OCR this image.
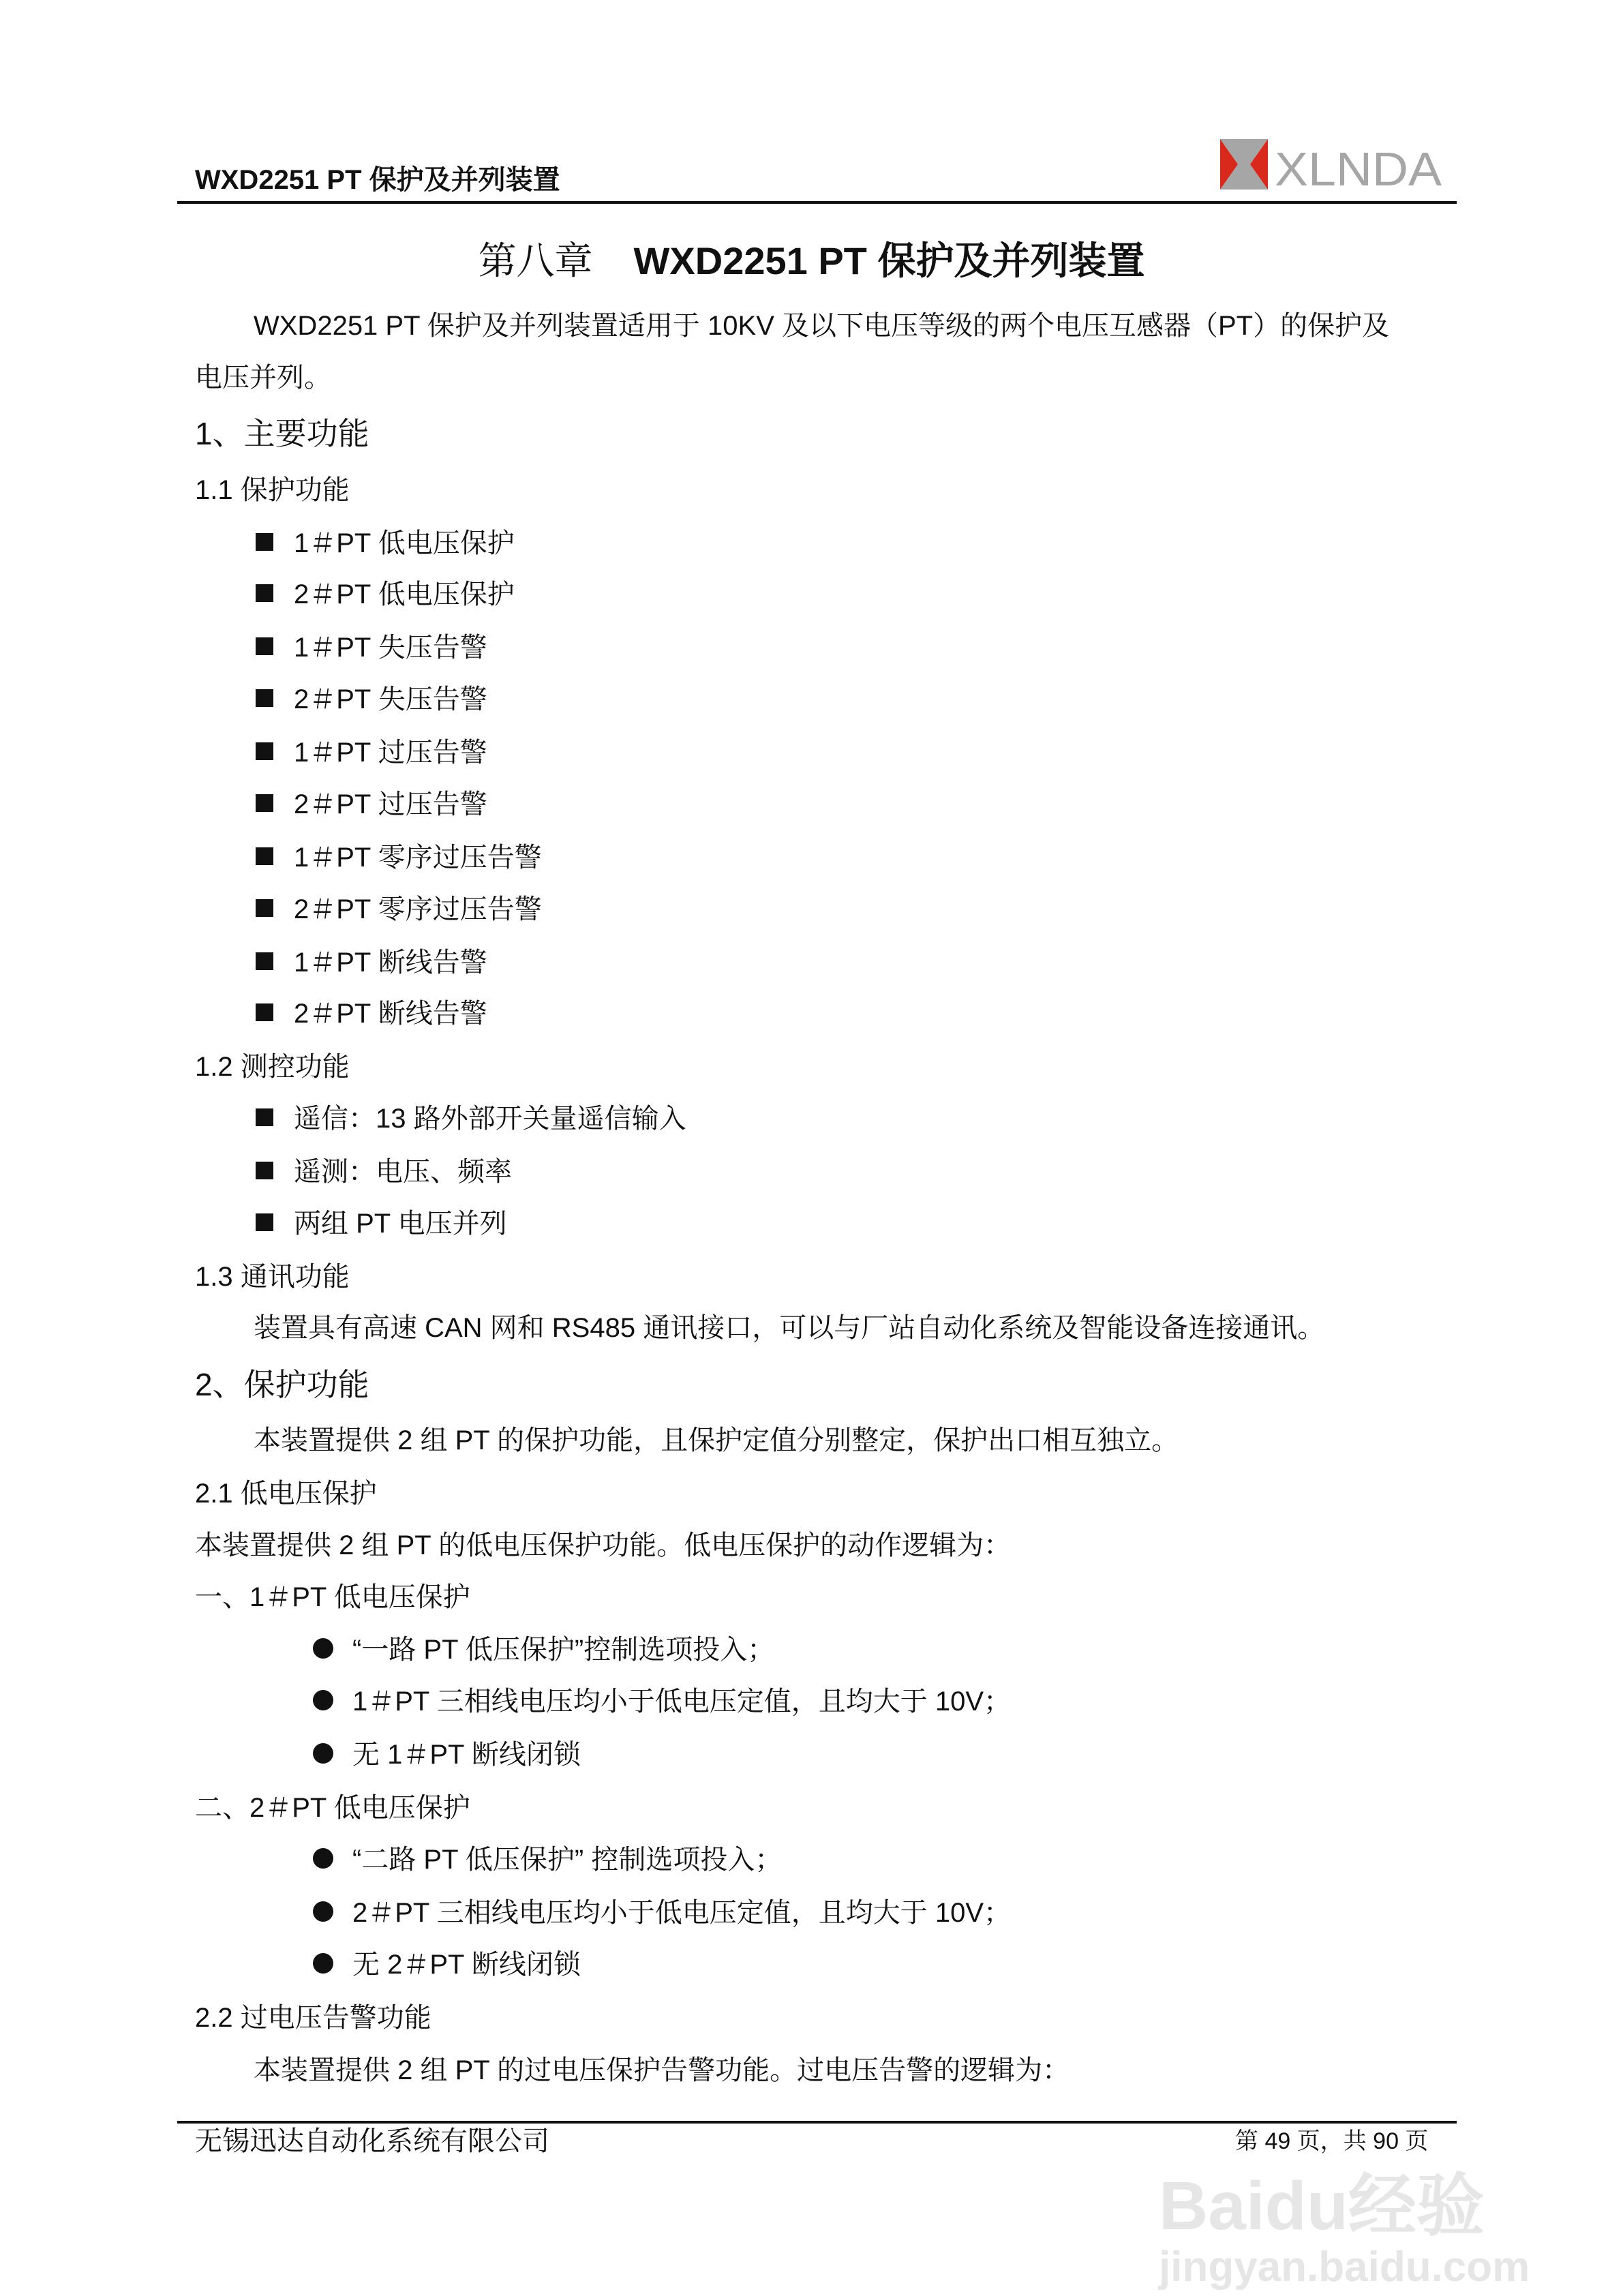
WXD2251 PT 保护及并列装置	XLNDA
第八章 WXD2251 PT 保护及并列装置
WXD2251 PT 保护及并列装置适用于 10KV 及以下电压等级的两个电压互感器（PT）的保护及
电压并列。
1、主要功能
1.1 保护功能
1＃PT 低电压保护
2＃PT 低电压保护
1＃PT 失压告警
2＃PT 失压告警
1＃PT 过压告警
2＃PT 过压告警
1＃PT 零序过压告警
2＃PT 零序过压告警
1＃PT 断线告警
2＃PT 断线告警
1.2 测控功能
遥信：13 路外部开关量遥信输入
遥测：电压、频率
两组 PT 电压并列
1.3 通讯功能
装置具有高速 CAN 网和 RS485 通讯接口，可以与厂站自动化系统及智能设备连接通讯。
2、保护功能
本装置提供 2 组 PT 的保护功能，且保护定值分别整定，保护出口相互独立。
2.1 低电压保护
本装置提供 2 组 PT 的低电压保护功能。低电压保护的动作逻辑为：
一、1＃PT 低电压保护
“一路 PT 低压保护”控制选项投入；
1＃PT 三相线电压均小于低电压定值，且均大于 10V；
无 1＃PT 断线闭锁
二、2＃PT 低电压保护
“二路 PT 低压保护” 控制选项投入；
2＃PT 三相线电压均小于低电压定值，且均大于 10V；
无 2＃PT 断线闭锁
2.2 过电压告警功能
本装置提供 2 组 PT 的过电压保护告警功能。过电压告警的逻辑为：
无锡迅达自动化系统有限公司	第 49 页，共 90 页
Baidu经验
jingyan.baidu.com
